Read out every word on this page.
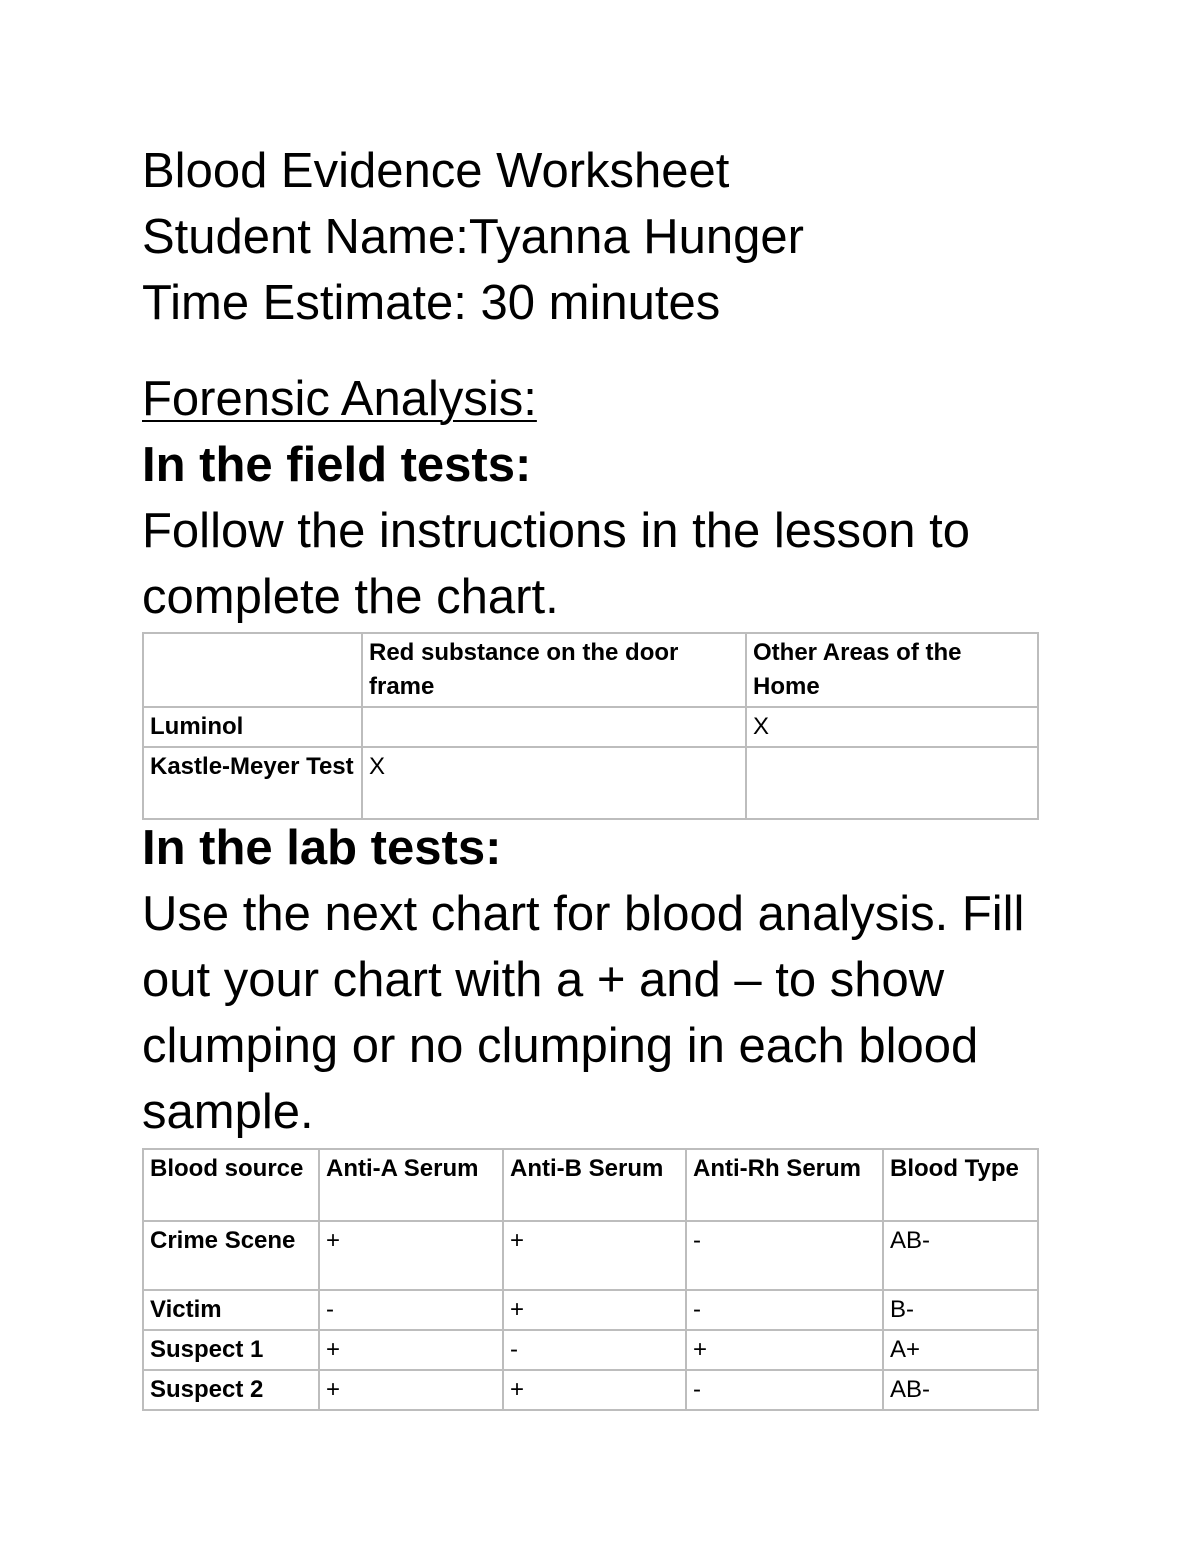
Blood Evidence Worksheet
Student Name:Tyanna Hunger
Time Estimate: 30 minutes
Forensic Analysis:
In the field tests:
Follow the instructions in the lesson to
complete the chart.
	Red substance on the door frame	Other Areas of the Home
Luminol		X
Kastle-Meyer Test	X	
In the lab tests:
Use the next chart for blood analysis. Fill
out your chart with a + and – to show
clumping or no clumping in each blood
sample.
Blood source	Anti-A Serum	Anti-B Serum	Anti-Rh Serum	Blood Type
Crime Scene	+	+	-	AB-
Victim	-	+	-	B-
Suspect 1	+	-	+	A+
Suspect 2	+	+	-	AB-
